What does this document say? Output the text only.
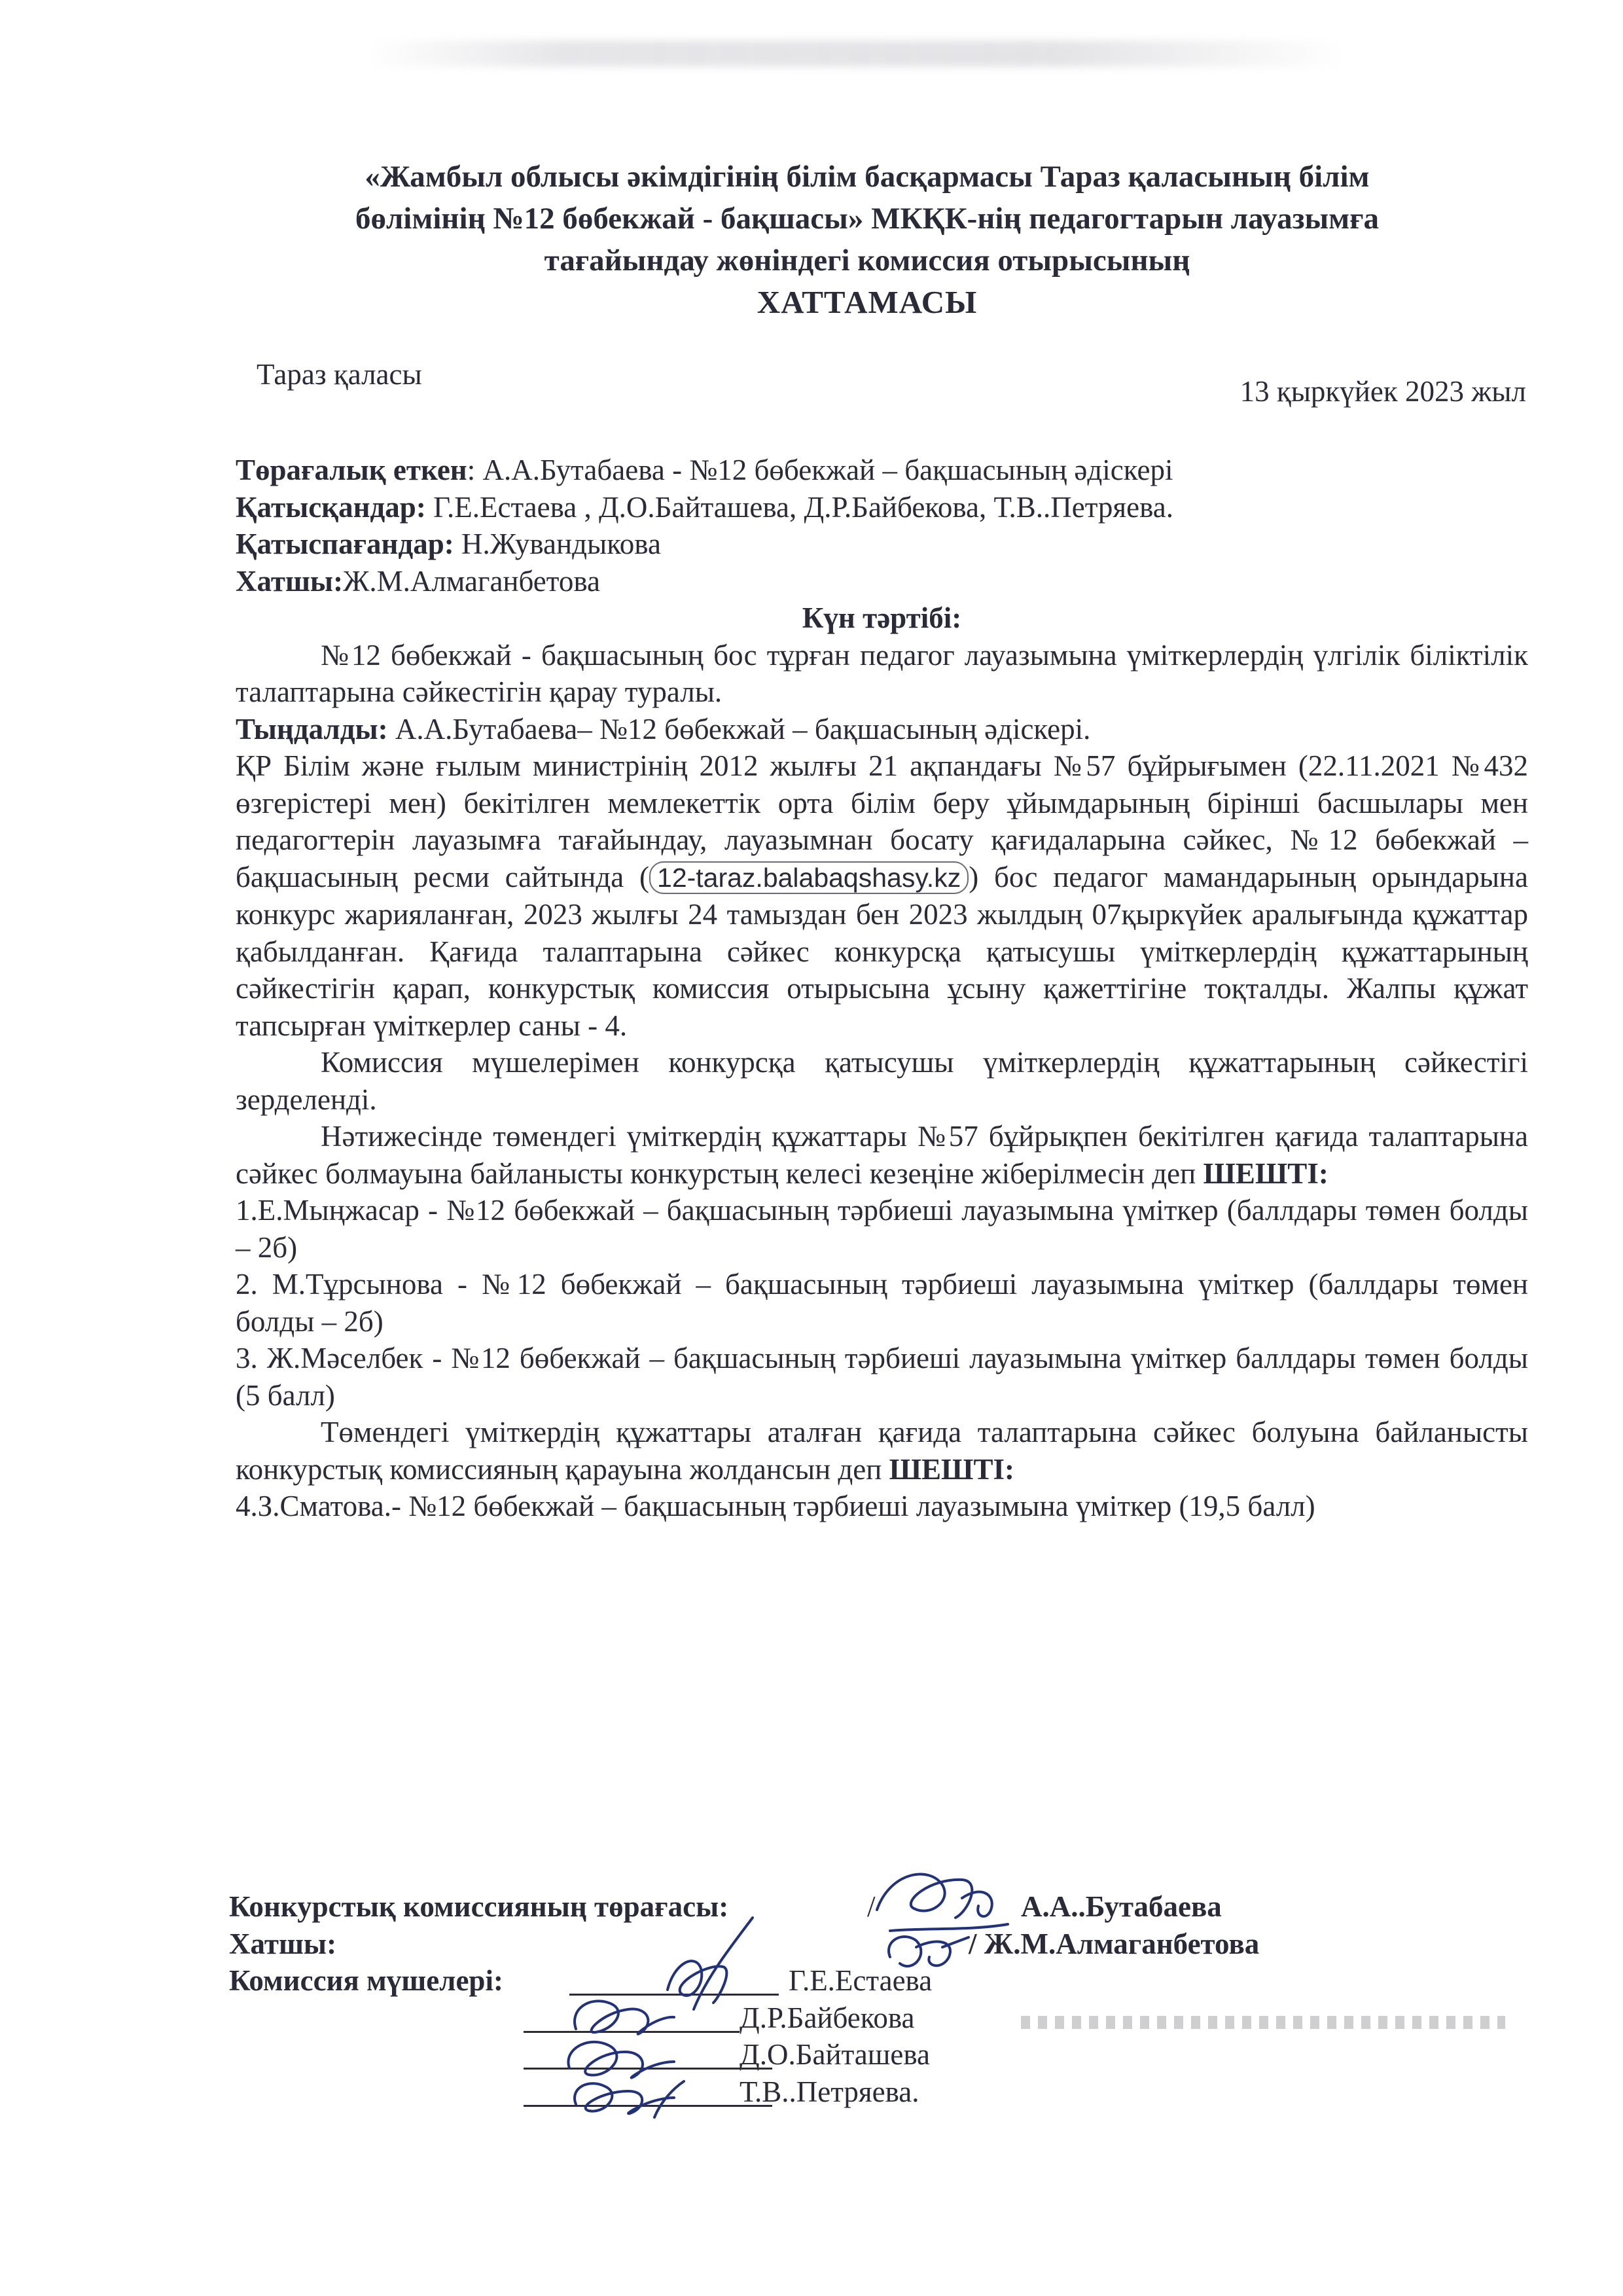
«Жамбыл облысы әкімдігінің білім басқармасы Тараз қаласының білім
бөлімінің №12 бөбекжай - бақшасы» МКҚК-нің педагогтарын лауазымға
тағайындау жөніндегі комиссия отырысының
ХАТТАМАСЫ
Тараз қаласы
13 қыркүйек 2023 жыл

Төрағалық еткен: А.А.Бутабаева - №12 бөбекжай – бақшасының әдіскері

Қатысқандар: Г.Е.Естаева , Д.О.Байташева, Д.Р.Байбекова, Т.В..Петряева.

Қатыспағандар: Н.Жувандыкова

Хатшы:Ж.М.Алмаганбетова

Күн тәртібі:

№12 бөбекжай - бақшасының бос тұрған педагог лауазымына үміткерлердің үлгілік біліктілік талаптарына сәйкестігін қарау туралы.

Тыңдалды: А.А.Бутабаева– №12 бөбекжай – бақшасының әдіскері.

ҚР Білім және ғылым министрінің 2012 жылғы 21 ақпандағы №57 бұйрығымен (22.11.2021 №432 өзгерістері мен) бекітілген мемлекеттік орта білім беру ұйымдарының бірінші басшылары мен педагогтерін лауазымға тағайындау, лауазымнан босату қағидаларына сәйкес, №12 бөбекжай – бақшасының ресми сайтында ( 12-taraz.balabaqshasy.kz ) бос педагог мамандарының орындарына конкурс жарияланған, 2023 жылғы 24 тамыздан бен 2023 жылдың 07қыркүйек аралығында құжаттар қабылданған. Қағида талаптарына сәйкес конкурсқа қатысушы үміткерлердің құжаттарының сәйкестігін қарап, конкурстық комиссия отырысына ұсыну қажеттігіне тоқталды. Жалпы құжат тапсырған үміткерлер саны - 4.

Комиссия мүшелерімен конкурсқа қатысушы үміткерлердің құжаттарының сәйкестігі зерделенді.

Нәтижесінде төмендегі үміткердің құжаттары №57 бұйрықпен бекітілген қағида талаптарына сәйкес болмауына байланысты конкурстың келесі кезеңіне жіберілмесін деп ШЕШТІ:

1.Е.Мыңжасар - №12 бөбекжай – бақшасының тәрбиеші лауазымына үміткер (баллдары төмен болды – 2б)

2. М.Тұрсынова - №12 бөбекжай – бақшасының тәрбиеші лауазымына үміткер (баллдары төмен болды – 2б)

3. Ж.Мәселбек - №12 бөбекжай – бақшасының тәрбиеші лауазымына үміткер баллдары төмен болды (5 балл)

Төмендегі үміткердің құжаттары аталған қағида талаптарына сәйкес болуына байланысты конкурстық комиссияның қарауына жолдансын деп ШЕШТІ:

4.З.Сматова.- №12 бөбекжай – бақшасының тәрбиеші лауазымына үміткер (19,5 балл)

Конкурстық комиссияның төрағасы:	/	А.А..Бутабаева
Хатшы:	/ Ж.М.Алмаганбетова
Комиссия мүшелері:	Г.Е.Естаева
Д.Р.Байбекова
Д.О.Байташева
Т.В..Петряева.
